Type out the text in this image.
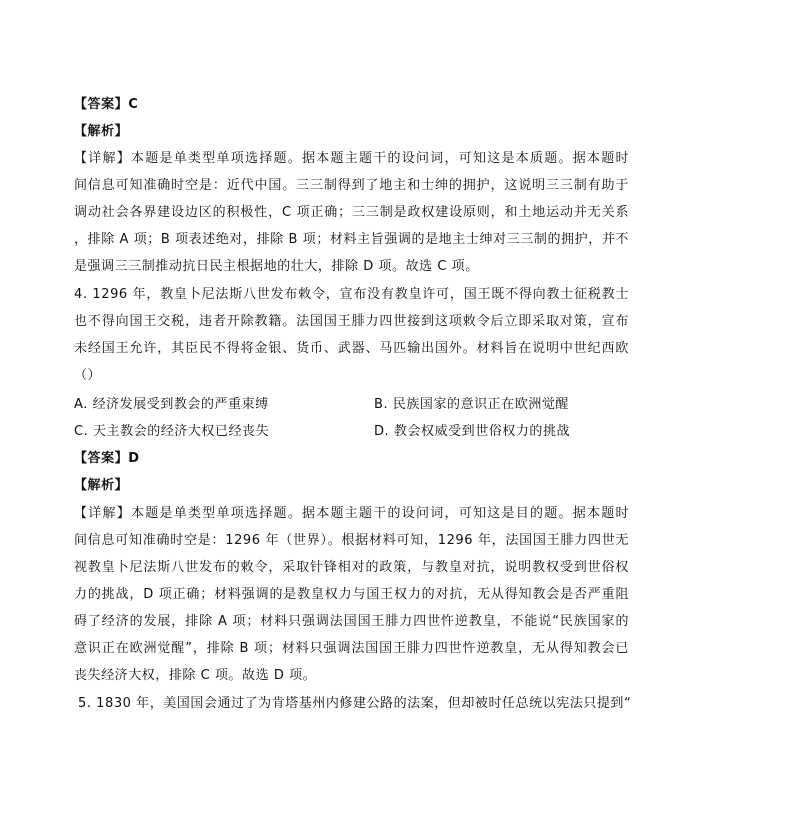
【答案】C
【解析】
【详解】本题是单类型单项选择题。据本题主题干的设问词，可知这是本质题。据本题时
间信息可知准确时空是：近代中国。三三制得到了地主和士绅的拥护，这说明三三制有助于
调动社会各界建设边区的积极性，C 项正确；三三制是政权建设原则，和土地运动并无关系
，排除 A 项；B 项表述绝对，排除 B 项；材料主旨强调的是地主士绅对三三制的拥护，并不
是强调三三制推动抗日民主根据地的壮大，排除 D 项。故选 C 项。
4. 1296 年，教皇卜尼法斯八世发布敕令，宣布没有教皇许可，国王既不得向教士征税教士
也不得向国王交税，违者开除教籍。法国国王腓力四世接到这项敕令后立即采取对策，宣布
未经国王允许，其臣民不得将金银、货币、武器、马匹输出国外。材料旨在说明中世纪西欧
（）
A. 经济发展受到教会的严重束缚	B. 民族国家的意识正在欧洲觉醒
C. 天主教会的经济大权已经丧失	D. 教会权威受到世俗权力的挑战
【答案】D
【解析】
【详解】本题是单类型单项选择题。据本题主题干的设问词，可知这是目的题。据本题时
间信息可知准确时空是：1296 年（世界）。根据材料可知，1296 年，法国国王腓力四世无
视教皇卜尼法斯八世发布的敕令，采取针锋相对的政策，与教皇对抗，说明教权受到世俗权
力的挑战，D 项正确；材料强调的是教皇权力与国王权力的对抗，无从得知教会是否严重阻
碍了经济的发展，排除 A 项；材料只强调法国国王腓力四世忤逆教皇，不能说“民族国家的
意识正在欧洲觉醒”，排除 B 项；材料只强调法国国王腓力四世忤逆教皇，无从得知教会已
丧失经济大权，排除 C 项。故选 D 项。
5. 1830 年，美国国会通过了为肯塔基州内修建公路的法案，但却被时任总统以宪法只提到“
